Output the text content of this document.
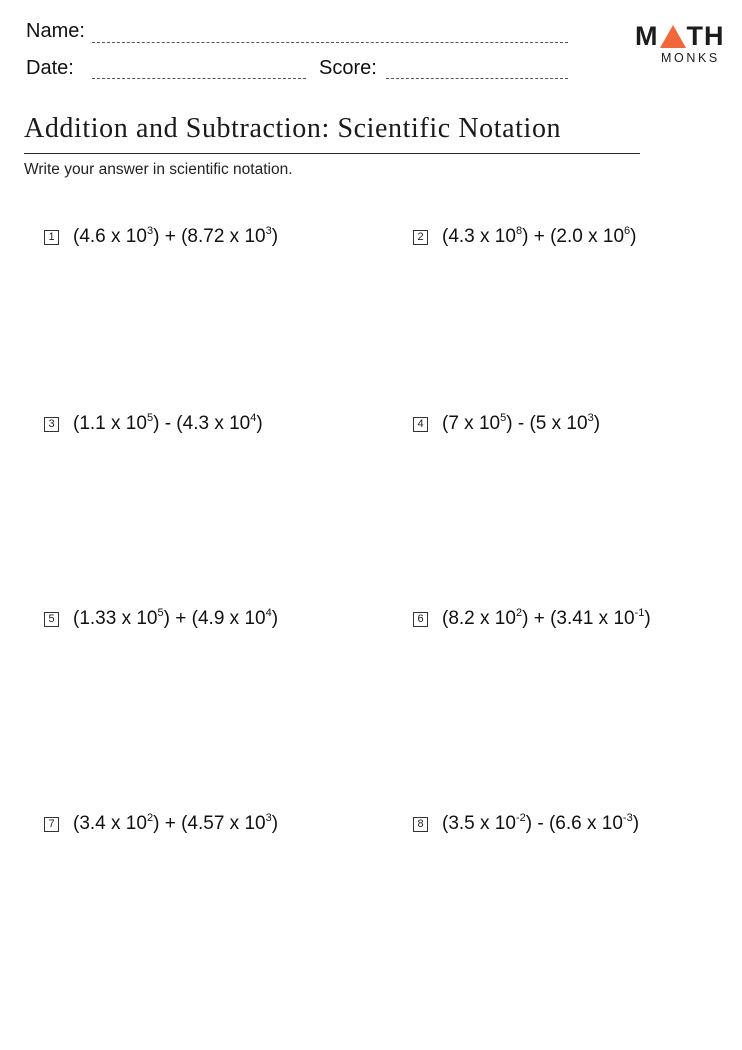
Name:
Date:	Score:
M TH
MONKS
Addition and Subtraction: Scientific Notation
Write your answer in scientific notation.
1 (4.6 x $10^3) + (8.72$ x $10^3$)	2 (4.3 x $10^8) + (2.0$ x $10^6$)
3 (1.1 x $10^5) - (4.3$ x $10^4$)	4 (7 x $10^5) - (5$ x $10^3$)
5 (1.33 x $10^5) + (4.9$ x $10^4$)	6 (8.2 x $10^2) + (3.41$ x $10^{-1}$)
7 (3.4 x $10^2) + (4.57$ x $10^3$)	8 (3.5 x $10^{-2}) - (6.6$ x $10^{-3}$)
